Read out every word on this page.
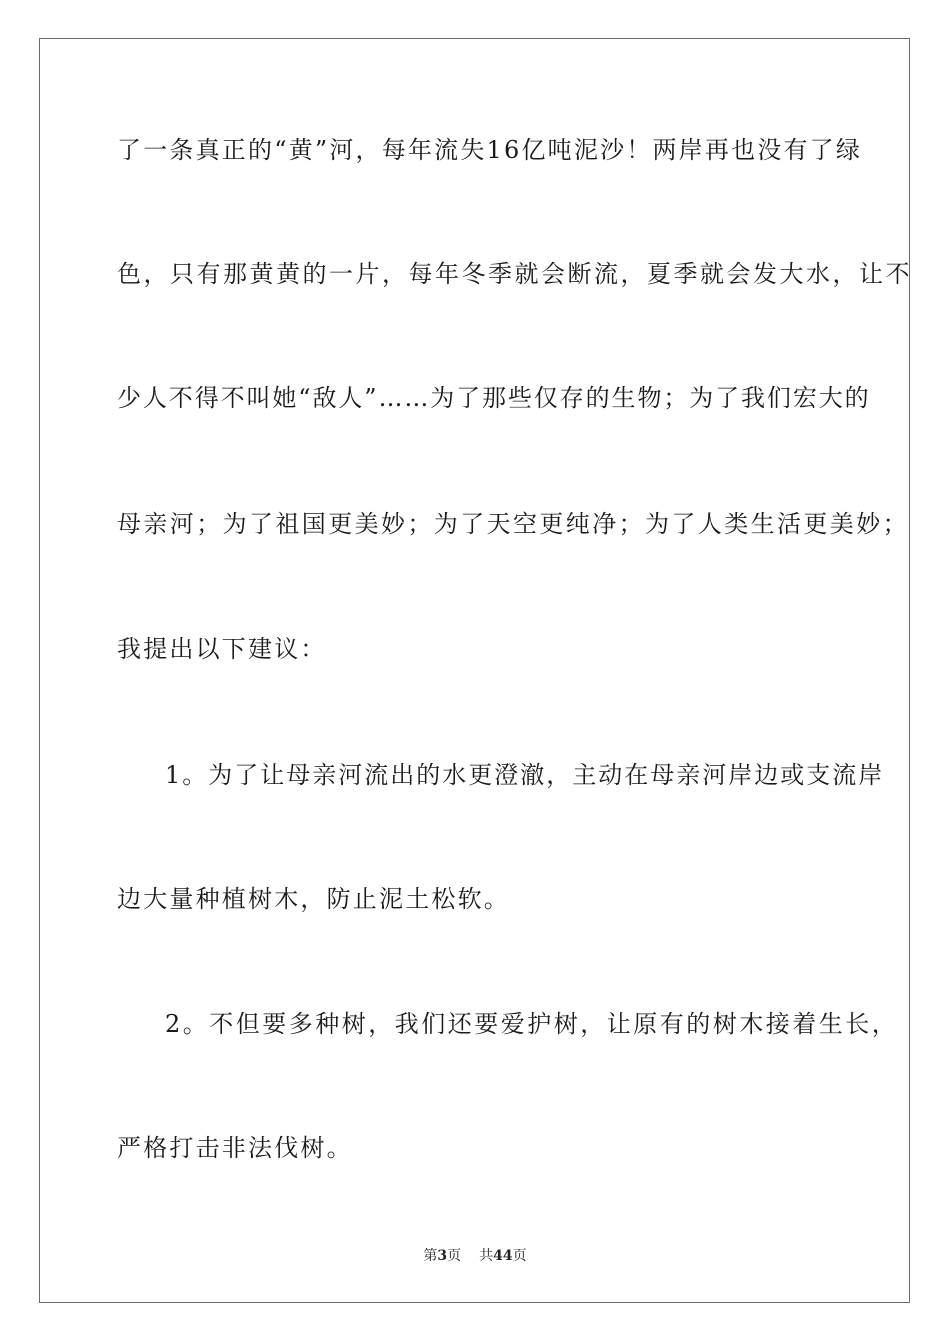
了一条真正的“黄”河，每年流失16亿吨泥沙！两岸再也没有了绿
色，只有那黄黄的一片，每年冬季就会断流，夏季就会发大水，让不
少人不得不叫她“敌人”……为了那些仅存的生物；为了我们宏大的
母亲河；为了祖国更美妙；为了天空更纯净；为了人类生活更美妙；
我提出以下建议：
1。为了让母亲河流出的水更澄澈，主动在母亲河岸边或支流岸
边大量种植树木，防止泥土松软。
2。不但要多种树，我们还要爱护树，让原有的树木接着生长，
严格打击非法伐树。
第3页 共44页
